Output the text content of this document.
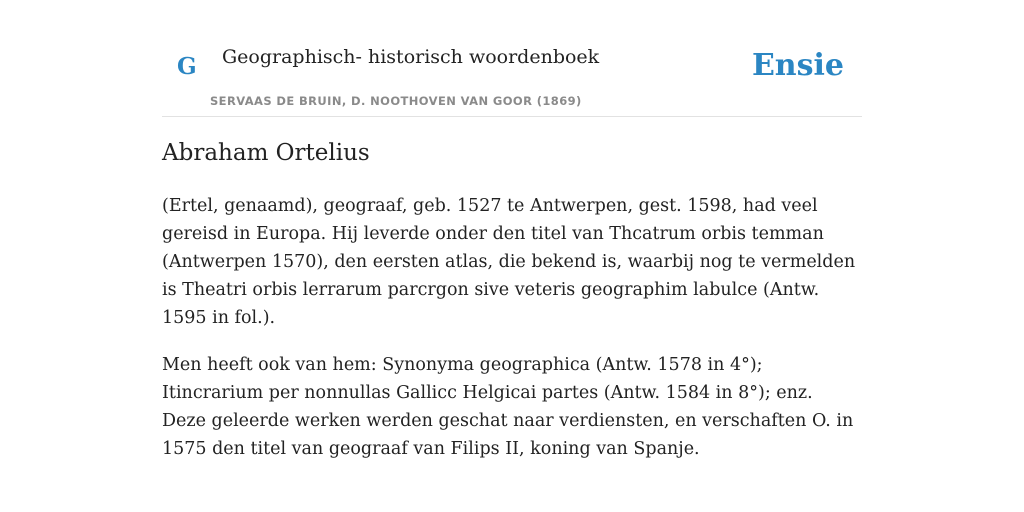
G Geographisch- historisch woordenboek
SERVAAS DE BRUIN, D. NOOTHOVEN VAN GOOR (1869)
Ensie
Abraham Ortelius

(Ertel, genaamd), geograaf, geb. 1527 te Antwerpen, gest. 1598, had veel gereisd in Europa. Hij leverde onder den titel van Thcatrum orbis temman (Antwerpen 1570), den eersten atlas, die bekend is, waarbij nog te vermelden is Theatri orbis lerrarum parcrgon sive veteris geographim labulce (Antw. 1595 in fol.).

Men heeft ook van hem: Synonyma geographica (Antw. 1578 in 4°); Itincrarium per nonnullas Gallicc Helgicai partes (Antw. 1584 in 8°); enz. Deze geleerde werken werden geschat naar verdiensten, en verschaften O. in 1575 den titel van geograaf van Filips II, koning van Spanje.
